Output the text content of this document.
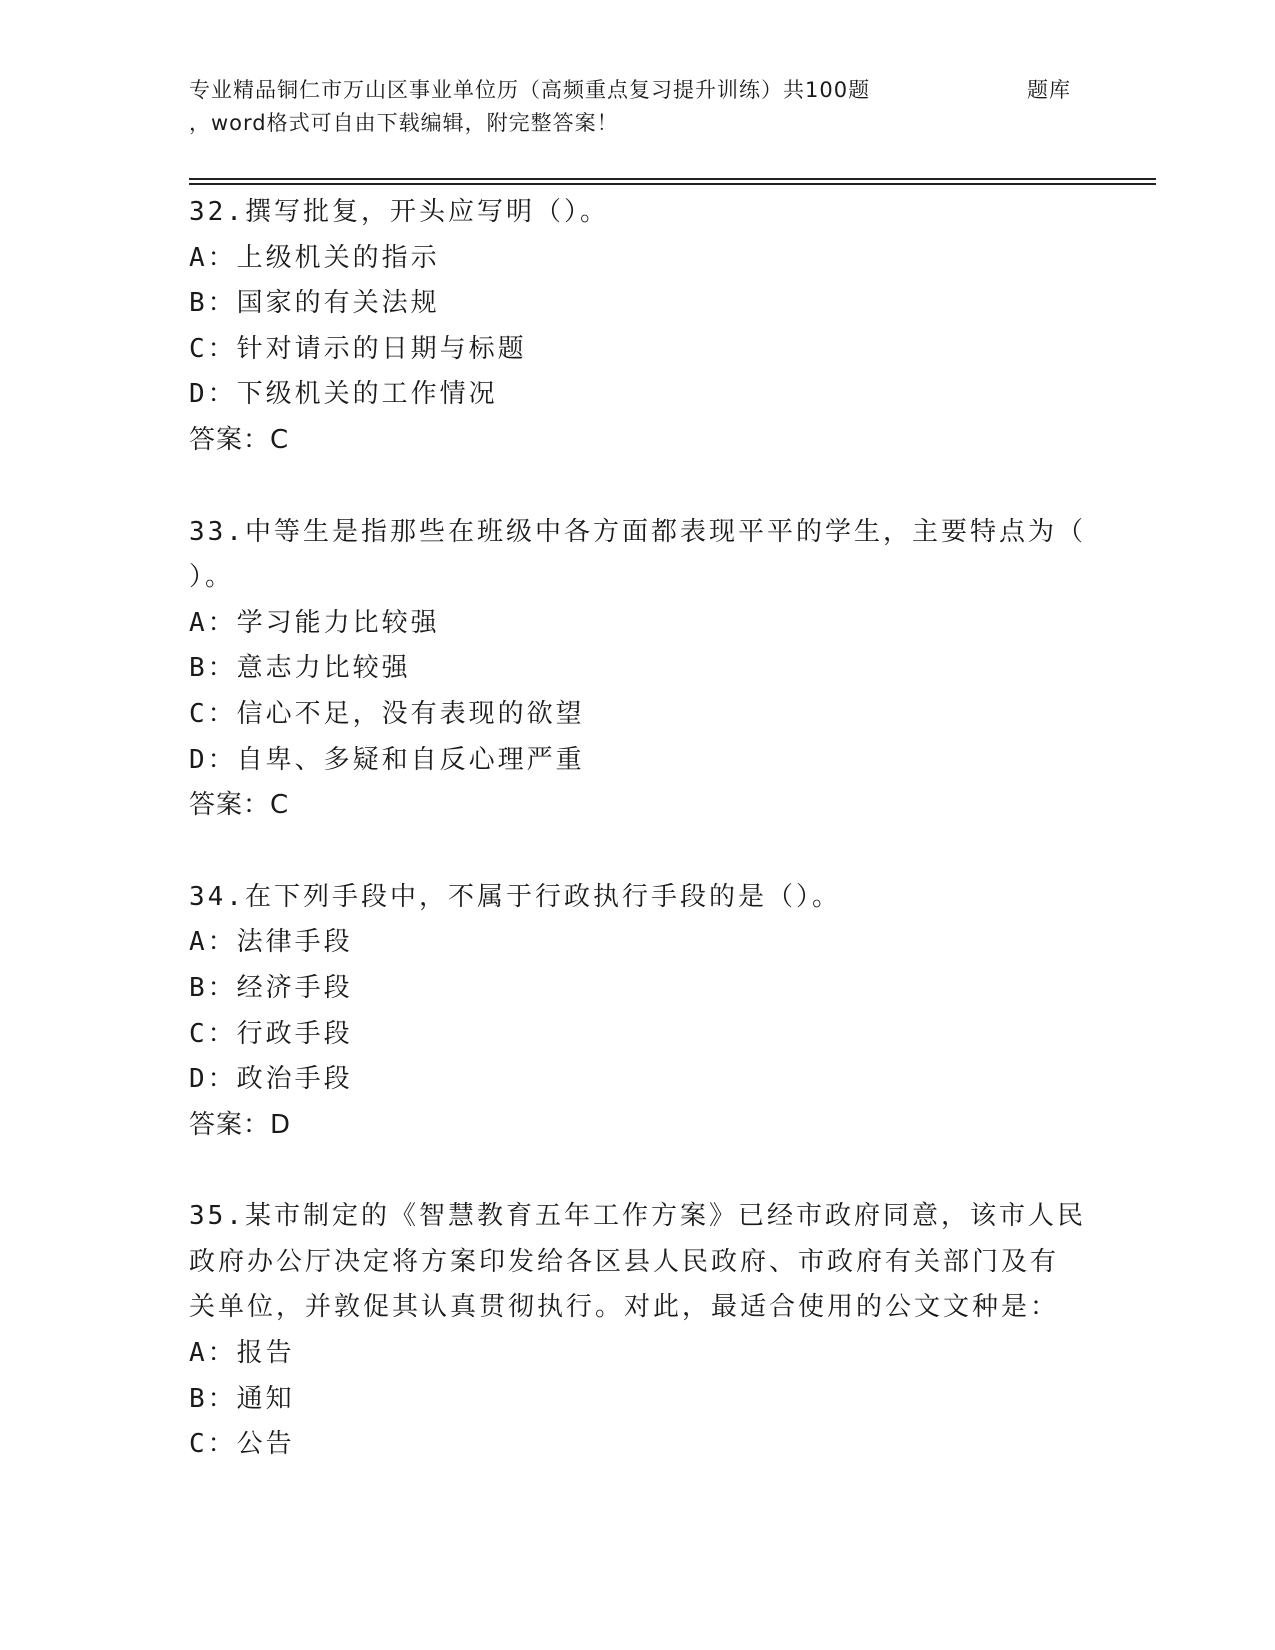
专业精品铜仁市万山区事业单位历（高频重点复习提升训练）共100题	题库
，word格式可自由下载编辑，附完整答案！
32.撰写批复，开头应写明（）。
A：上级机关的指示
B：国家的有关法规
C：针对请示的日期与标题
D：下级机关的工作情况
答案：C
33.中等生是指那些在班级中各方面都表现平平的学生，主要特点为（
）。
A：学习能力比较强
B：意志力比较强
C：信心不足，没有表现的欲望
D：自卑、多疑和自反心理严重
答案：C
34.在下列手段中，不属于行政执行手段的是（）。
A：法律手段
B：经济手段
C：行政手段
D：政治手段
答案：D
35.某市制定的《智慧教育五年工作方案》已经市政府同意，该市人民
政府办公厅决定将方案印发给各区县人民政府、市政府有关部门及有
关单位，并敦促其认真贯彻执行。对此，最适合使用的公文文种是：
A：报告
B：通知
C：公告
